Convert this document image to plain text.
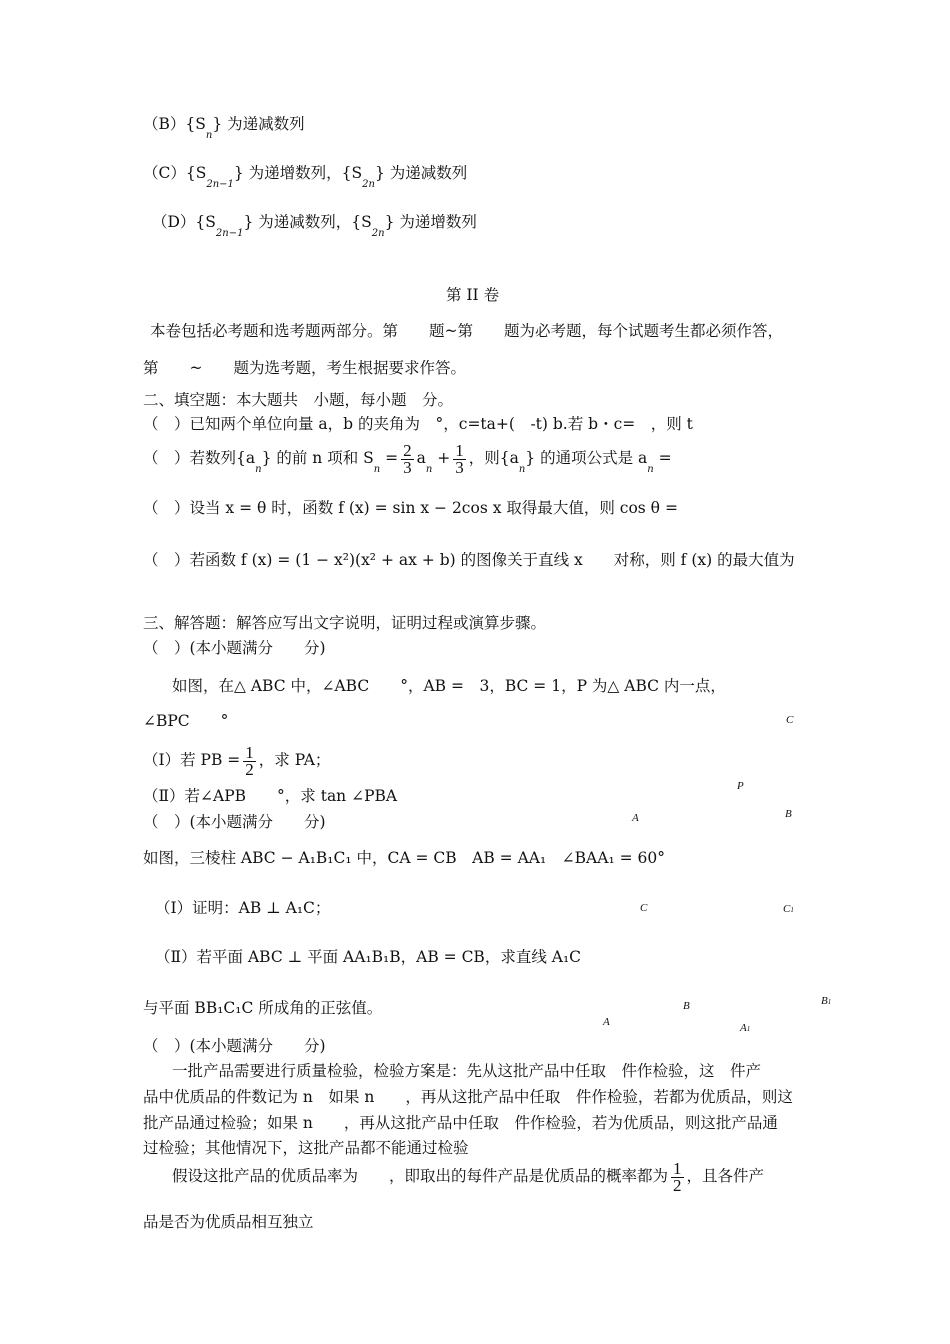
$(B)\{S_n\}$ 为递减数列
$(C)\{S_{2n-1}\}$ 为递增数列，$\{S_{2n}\}$ 为递减数列
$(D)\{S_{2n-1}\}$ 为递减数列，$\{S_{2n}\}$ 为递增数列
第 II 卷
本卷包括必考题和选考题两部分。第　　题~第　　题为必考题，每个试题考生都必须作答，
第　　~　　题为选考题，考生根据要求作答。
二、填空题：本大题共　小题，每小题　分。
（　）已知两个单位向量 a，b 的夹角为　°，c=ta+(　-t) b.若 b・c=　，则 t
（　）若数列$\{a_n\}$ 的前 n 项和 $S_n = \frac{2}{3} a_n + \frac{1}{3}$ ，则$\{a_n\}$ 的通项公式是 $a_n$ =
（　）设当 x = θ 时，函数 f (x) = sin x − 2cos x 取得最大值，则 cos θ =
（　）若函数 f (x) = (1 − x²)(x² + ax + b) 的图像关于直线 x　　对称，则 f (x) 的最大值为
三、解答题：解答应写出文字说明，证明过程或演算步骤。
（　）(本小题满分　　分)
如图，在△ ABC 中，∠ABC　　°，AB =　3，BC = 1，P 为△ ABC 内一点，
∠BPC　　°
（Ⅰ）若 PB = $\frac{1}{2}$ ，求 PA；
（Ⅱ）若∠APB　　°，求 tan ∠PBA
（　）(本小题满分　　分)
如图，三棱柱 ABC − A₁B₁C₁ 中，CA = CB　AB = AA₁　∠BAA₁ = 60°
（Ⅰ）证明：AB ⊥ A₁C；
（Ⅱ）若平面 ABC ⊥ 平面 AA₁B₁B，AB = CB，求直线 A₁C
与平面 BB₁C₁C 所成角的正弦值。
（　）(本小题满分　　分)
一批产品需要进行质量检验，检验方案是：先从这批产品中任取　件作检验，这　件产
品中优质品的件数记为 n　如果 n　　，再从这批产品中任取　件作检验，若都为优质品，则这
批产品通过检验；如果 n　　，再从这批产品中任取　件作检验，若为优质品，则这批产品通
过检验；其他情况下，这批产品都不能通过检验
假设这批产品的优质品率为　　，即取出的每件产品是优质品的概率都为 $\frac{1}{2}$ ，且各件产
品是否为优质品相互独立
C
P
A	B
C	C1
B	B1
A	A1
